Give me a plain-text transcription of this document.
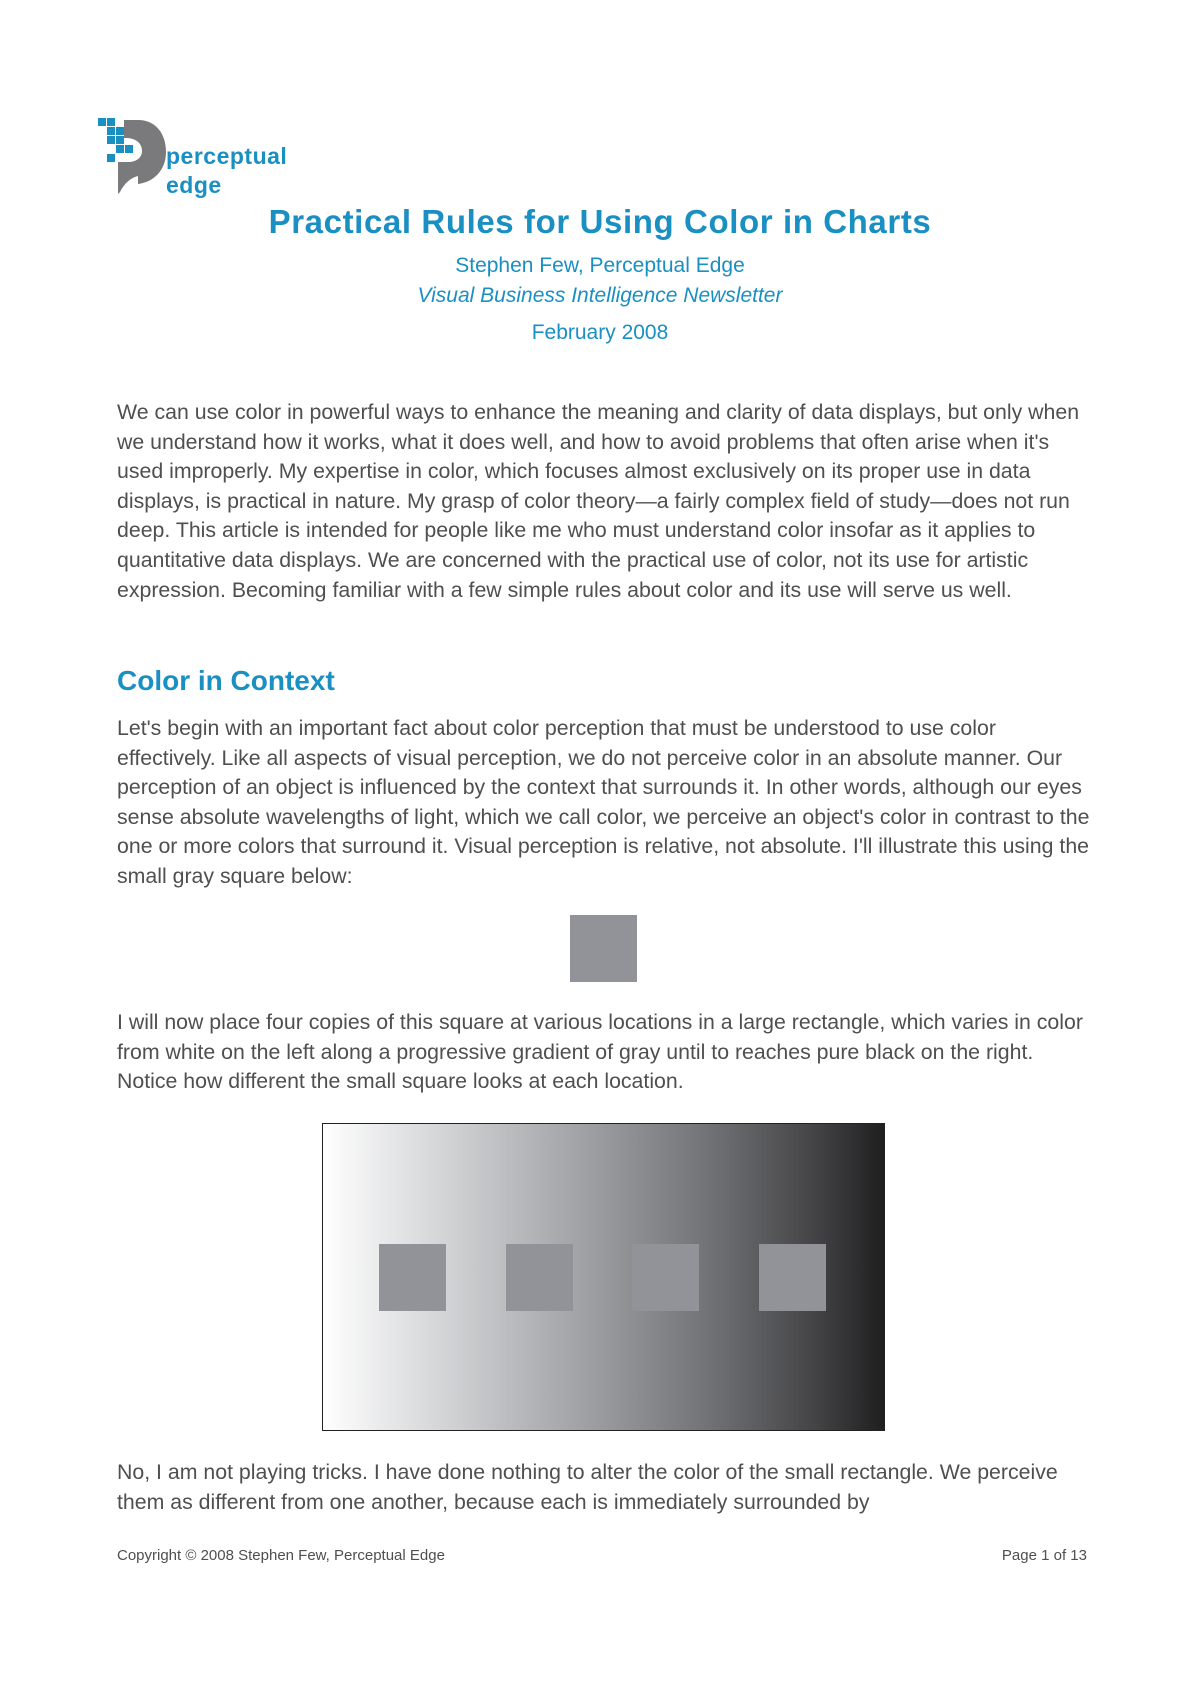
perceptual
edge
Practical Rules for Using Color in Charts

Stephen Few, Perceptual Edge

Visual Business Intelligence Newsletter

February 2008

We can use color in powerful ways to enhance the meaning and clarity of data displays, but only when we understand how it works, what it does well, and how to avoid problems that often arise when it's used improperly. My expertise in color, which focuses almost exclusively on its proper use in data displays, is practical in nature. My grasp of color theory—a fairly complex field of study—does not run deep. This article is intended for people like me who must understand color insofar as it applies to quantitative data displays. We are concerned with the practical use of color, not its use for artistic expression. Becoming familiar with a few simple rules about color and its use will serve us well.

Color in Context

Let's begin with an important fact about color perception that must be understood to use color effectively. Like all aspects of visual perception, we do not perceive color in an absolute manner. Our perception of an object is influenced by the context that surrounds it. In other words, although our eyes sense absolute wavelengths of light, which we call color, we perceive an object's color in contrast to the one or more colors that surround it. Visual perception is relative, not absolute. I'll illustrate this using the small gray square below:

I will now place four copies of this square at various locations in a large rectangle, which varies in color from white on the left along a progressive gradient of gray until to reaches pure black on the right. Notice how different the small square looks at each location.

No, I am not playing tricks. I have done nothing to alter the color of the small rectangle. We perceive them as different from one another, because each is immediately surrounded by

Copyright © 2008 Stephen Few, Perceptual Edge	Page 1 of 13
